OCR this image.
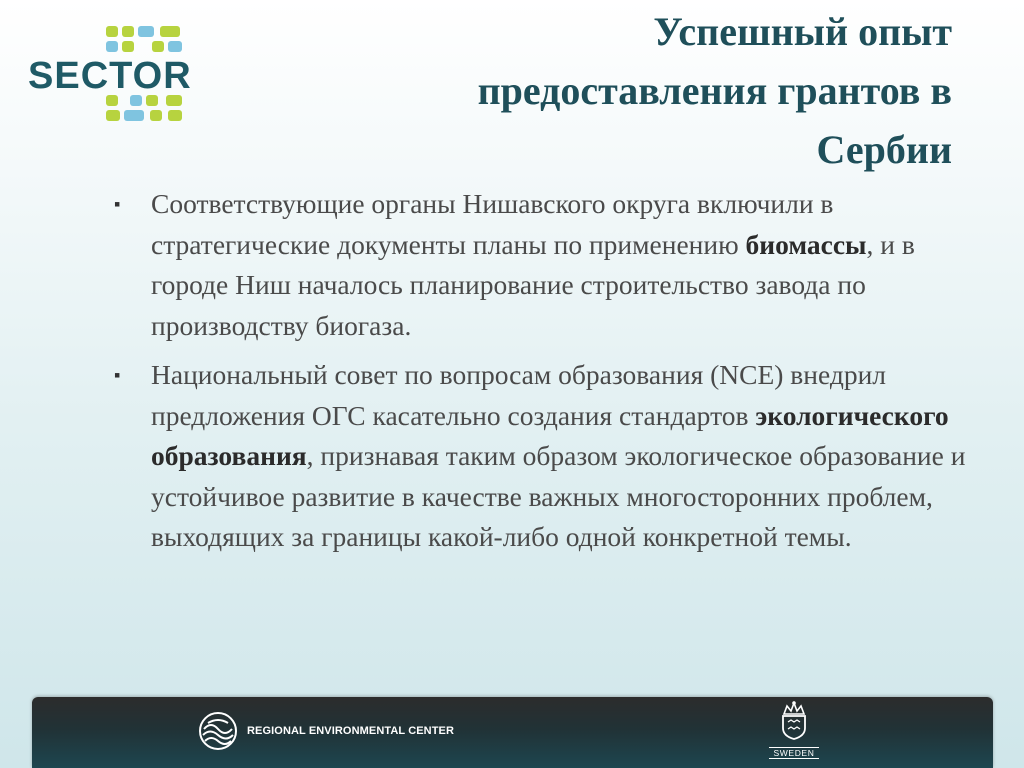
SECTOR
Успешный опыт
предоставления грантов в
Сербии
▪ Соответствующие органы Нишавского округа включили в стратегические документы планы по применению биомассы, и в городе Ниш началось планирование строительство завода по производству биогаза.
▪ Национальный совет по вопросам образования (NCE) внедрил предложения ОГС касательно создания стандартов экологического образования, признавая таким образом экологическое образование и устойчивое развитие в качестве важных многосторонних проблем, выходящих за границы какой-либо одной конкретной темы.
REGIONAL ENVIRONMENTAL CENTER
SWEDEN
